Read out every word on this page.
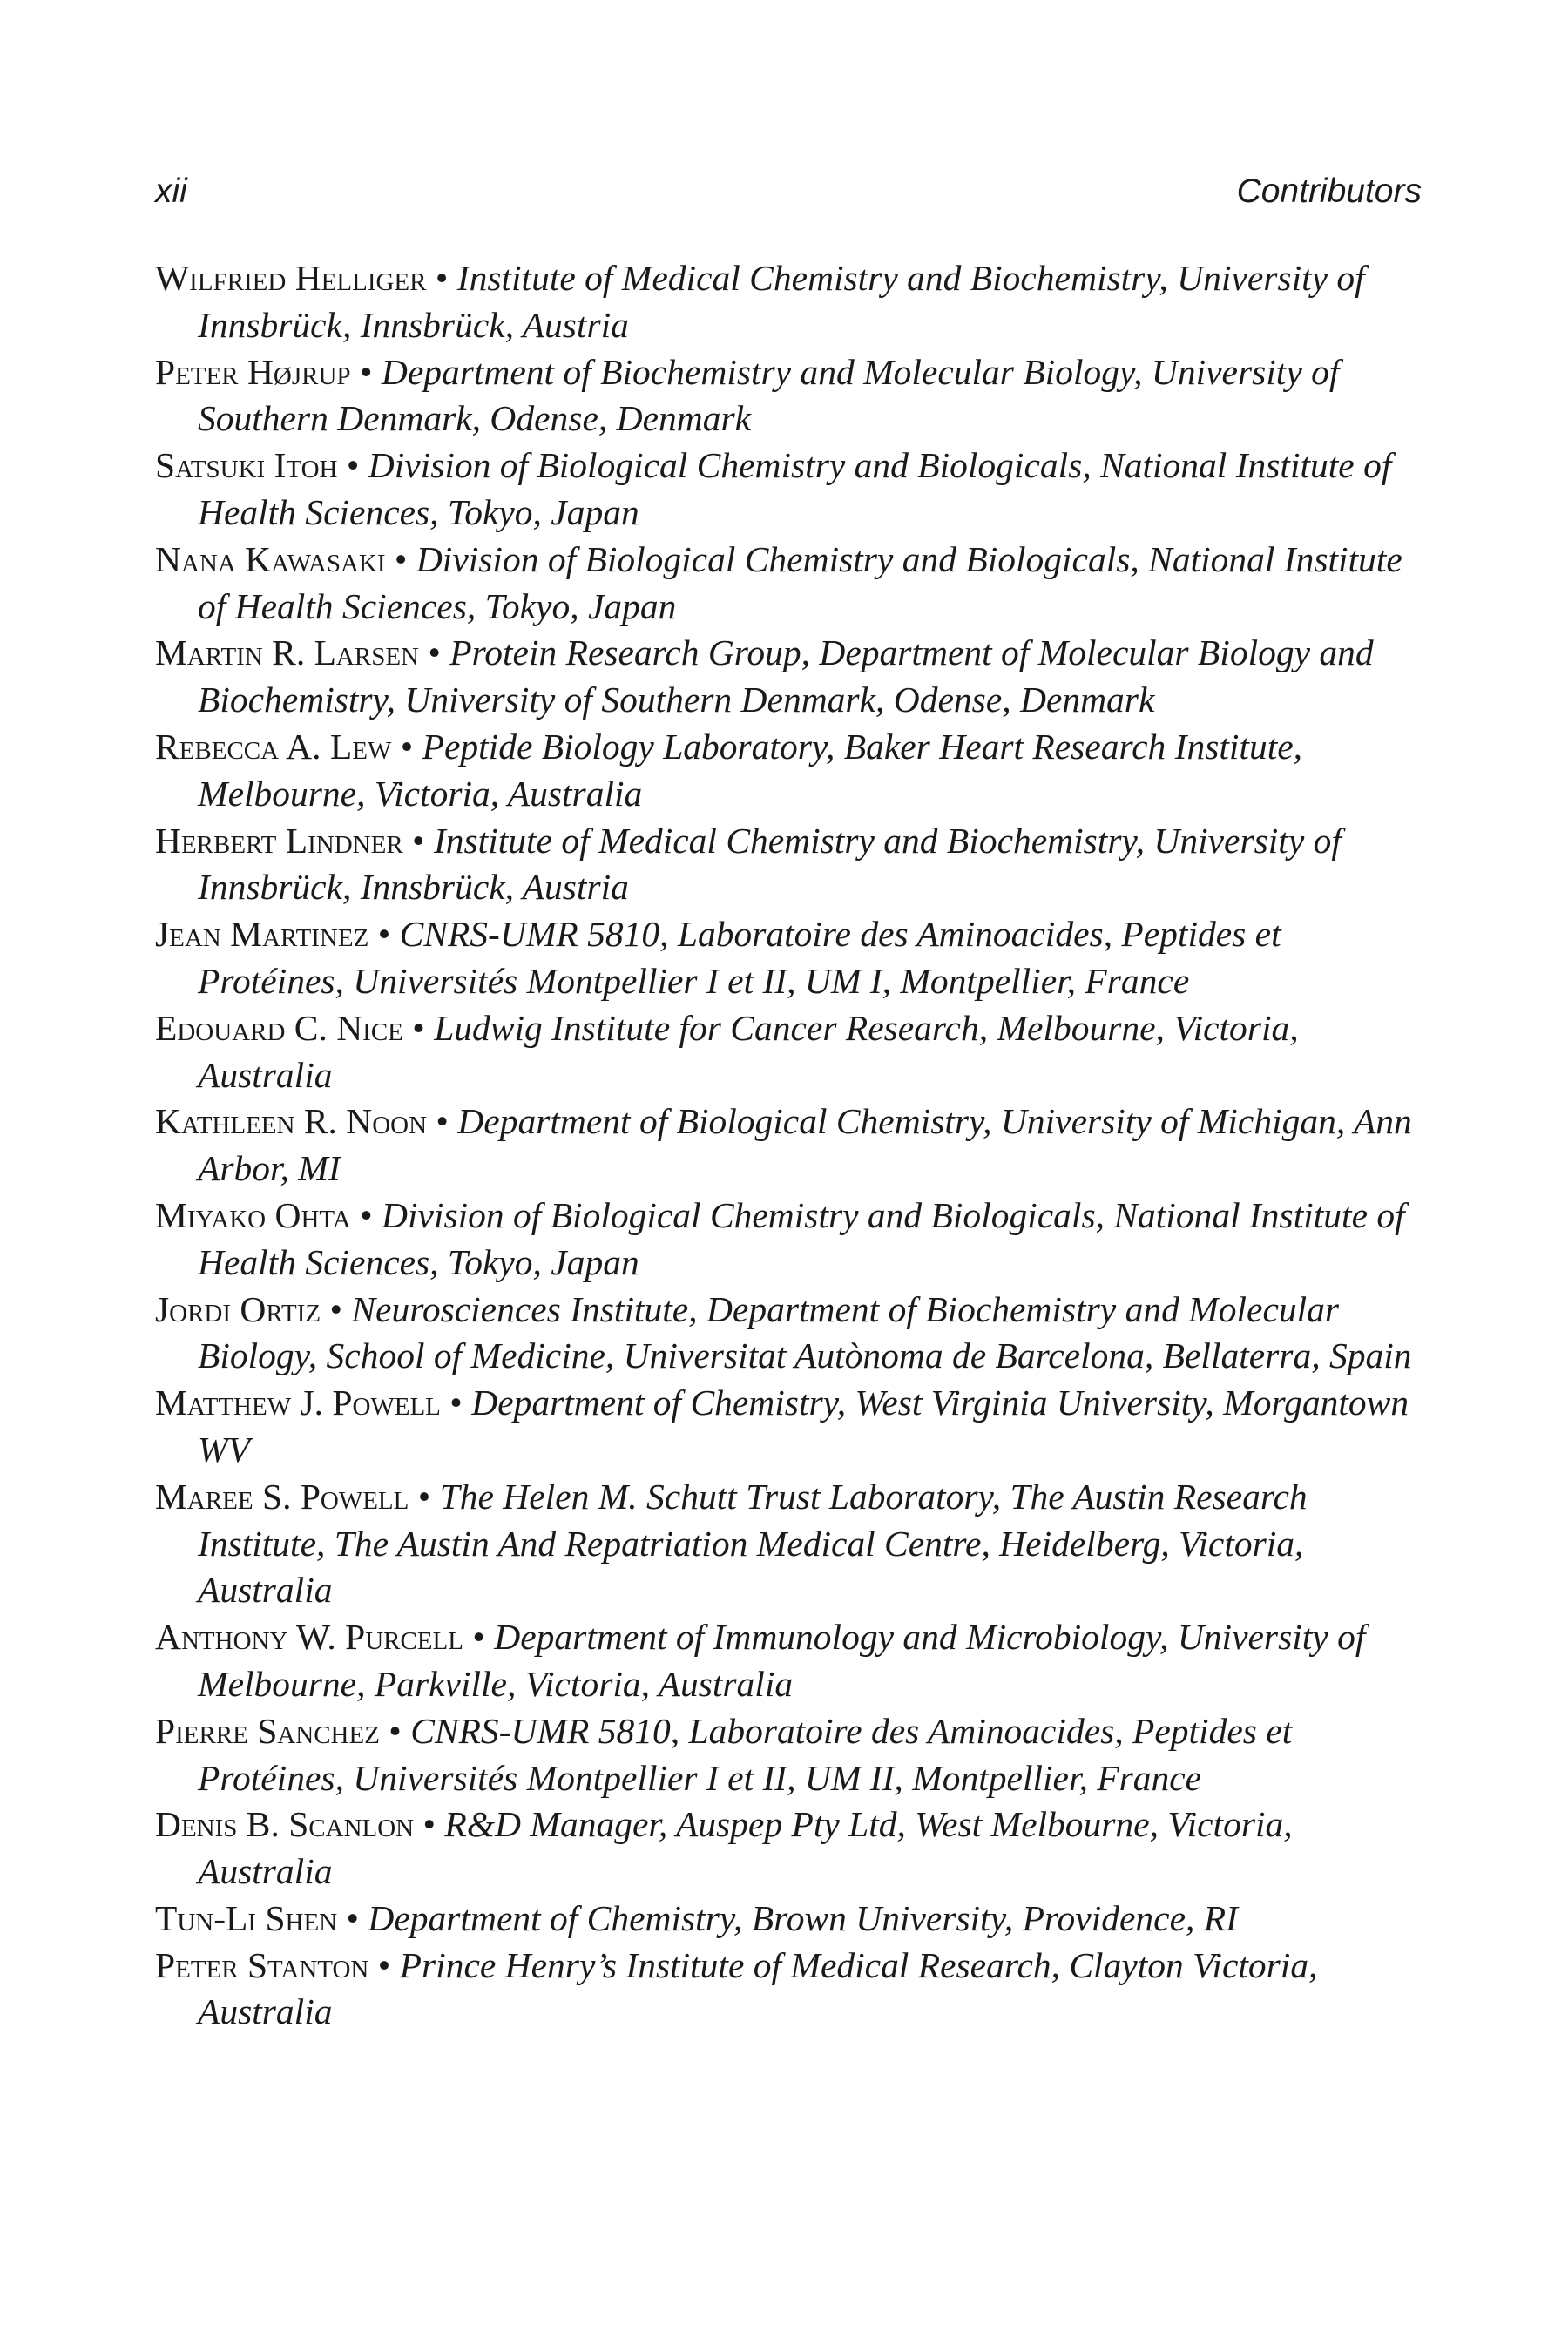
xii	Contributors

Wilfried Helliger • Institute of Medical Chemistry and Biochemistry, University of Innsbrück, Innsbrück, Austria

Peter Højrup • Department of Biochemistry and Molecular Biology, University of Southern Denmark, Odense, Denmark

Satsuki Itoh • Division of Biological Chemistry and Biologicals, National Institute of Health Sciences, Tokyo, Japan

Nana Kawasaki • Division of Biological Chemistry and Biologicals, National Institute of Health Sciences, Tokyo, Japan

Martin R. Larsen • Protein Research Group, Department of Molecular Biology and Biochemistry, University of Southern Denmark, Odense, Denmark

Rebecca A. Lew • Peptide Biology Laboratory, Baker Heart Research Institute, Melbourne, Victoria, Australia

Herbert Lindner • Institute of Medical Chemistry and Biochemistry, University of Innsbrück, Innsbrück, Austria

Jean Martinez • CNRS-UMR 5810, Laboratoire des Aminoacides, Peptides et Protéines, Universités Montpellier I et II, UM I, Montpellier, France

Edouard C. Nice • Ludwig Institute for Cancer Research, Melbourne, Victoria, Australia

Kathleen R. Noon • Department of Biological Chemistry, University of Michigan, Ann Arbor, MI

Miyako Ohta • Division of Biological Chemistry and Biologicals, National Institute of Health Sciences, Tokyo, Japan

Jordi Ortiz • Neurosciences Institute, Department of Biochemistry and Molecular Biology, School of Medicine, Universitat Autònoma de Barcelona, Bellaterra, Spain

Matthew J. Powell • Department of Chemistry, West Virginia University, Morgantown WV

Maree S. Powell • The Helen M. Schutt Trust Laboratory, The Austin Research Institute, The Austin And Repatriation Medical Centre, Heidelberg, Victoria, Australia

Anthony W. Purcell • Department of Immunology and Microbiology, University of Melbourne, Parkville, Victoria, Australia

Pierre Sanchez • CNRS-UMR 5810, Laboratoire des Aminoacides, Peptides et Protéines, Universités Montpellier I et II, UM II, Montpellier, France

Denis B. Scanlon • R&D Manager, Auspep Pty Ltd, West Melbourne, Victoria, Australia

Tun-Li Shen • Department of Chemistry, Brown University, Providence, RI

Peter Stanton • Prince Henry’s Institute of Medical Research, Clayton Victoria, Australia
